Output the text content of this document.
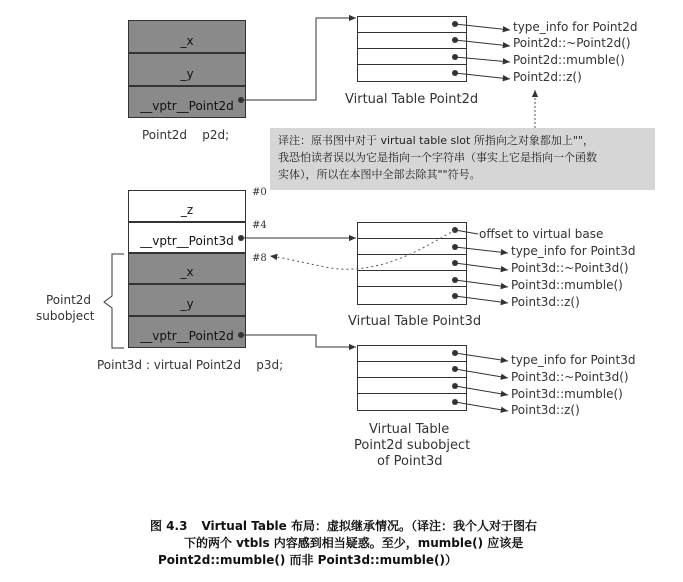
_x
_y
__vptr__Point2d
Point2d    p2d;
type_info for Point2d
Point2d::~Point2d()
Point2d::mumble()
Point2d::z()
Virtual Table Point2d
译注：原书图中对于 virtual table slot 所指向之对象都加上""，
我恐怕读者误以为它是指向一个字符串（事实上它是指向一个函数
实体），所以在本图中全部去除其""符号。
_z
__vptr__Point3d
_x
_y
__vptr__Point2d
#0
#4
#8
Point2d
subobject
Point3d : virtual Point2d    p3d;
offset to virtual base
type_info for Point3d
Point3d::~Point3d()
Point3d::mumble()
Point3d::z()
Virtual Table Point3d
type_info for Point3d
Point3d::~Point3d()
Point3d::mumble()
Point3d::z()
Virtual Table
Point2d subobject
of Point3d
图 4.3 Virtual Table 布局：虚拟继承情况。（译注：我个人对于图右
下的两个 vtbls 内容感到相当疑惑。至少，mumble() 应该是
Point2d::mumble() 而非 Point3d::mumble()）
